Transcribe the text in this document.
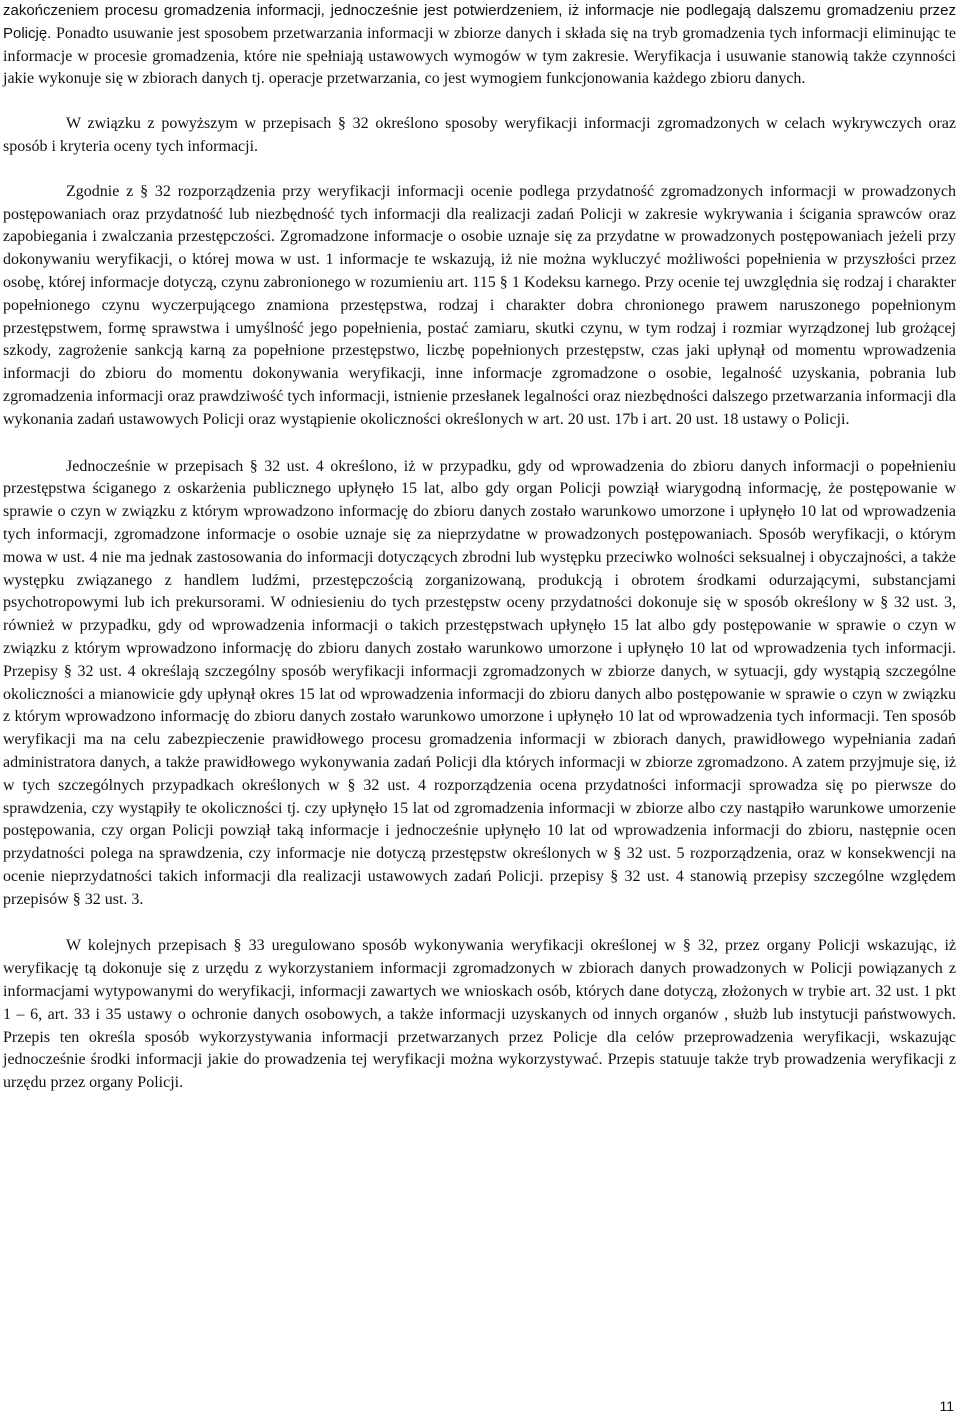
zakończeniem procesu gromadzenia informacji, jednocześnie jest potwierdzeniem, iż informacje nie podlegają dalszemu gromadzeniu przez Policję. Ponadto usuwanie jest sposobem przetwarzania informacji w zbiorze danych i składa się na tryb gromadzenia tych informacji eliminując te informacje w procesie gromadzenia, które nie spełniają ustawowych wymogów w tym zakresie. Weryfikacja i usuwanie stanowią także czynności jakie wykonuje się w zbiorach danych tj. operacje przetwarzania, co jest wymogiem funkcjonowania każdego zbioru danych.

W związku z powyższym w przepisach § 32 określono sposoby weryfikacji informacji zgromadzonych w celach wykrywczych oraz sposób i kryteria oceny tych informacji.

Zgodnie z § 32 rozporządzenia przy weryfikacji informacji ocenie podlega przydatność zgromadzonych informacji w prowadzonych postępowaniach oraz przydatność lub niezbędność tych informacji dla realizacji zadań Policji w zakresie wykrywania i ścigania sprawców oraz zapobiegania i zwalczania przestępczości. Zgromadzone informacje o osobie uznaje się za przydatne w prowadzonych postępowaniach jeżeli przy dokonywaniu weryfikacji, o której mowa w ust. 1 informacje te wskazują, iż nie można wykluczyć możliwości popełnienia w przyszłości przez osobę, której informacje dotyczą, czynu zabronionego w rozumieniu art. 115 § 1 Kodeksu karnego. Przy ocenie tej uwzględnia się rodzaj i charakter popełnionego czynu wyczerpującego znamiona przestępstwa, rodzaj i charakter dobra chronionego prawem naruszonego popełnionym przestępstwem, formę sprawstwa i umyślność jego popełnienia, postać zamiaru, skutki czynu, w tym rodzaj i rozmiar wyrządzonej lub grożącej szkody, zagrożenie sankcją karną za popełnione przestępstwo, liczbę popełnionych przestępstw, czas jaki upłynął od momentu wprowadzenia informacji do zbioru do momentu dokonywania weryfikacji, inne informacje zgromadzone o osobie, legalność uzyskania, pobrania lub zgromadzenia informacji oraz prawdziwość tych informacji, istnienie przesłanek legalności oraz niezbędności dalszego przetwarzania informacji dla wykonania zadań ustawowych Policji oraz wystąpienie okoliczności określonych w art. 20 ust. 17b i art. 20 ust. 18 ustawy o Policji.

Jednocześnie w przepisach § 32 ust. 4 określono, iż w przypadku, gdy od wprowadzenia do zbioru danych informacji o popełnieniu przestępstwa ściganego z oskarżenia publicznego upłynęło 15 lat, albo gdy organ Policji powziął wiarygodną informację, że postępowanie w sprawie o czyn w związku z którym wprowadzono informację do zbioru danych zostało warunkowo umorzone i upłynęło 10 lat od wprowadzenia tych informacji, zgromadzone informacje o osobie uznaje się za nieprzydatne w prowadzonych postępowaniach. Sposób weryfikacji, o którym mowa w ust. 4 nie ma jednak zastosowania do informacji dotyczących zbrodni lub występku przeciwko wolności seksualnej i obyczajności, a także występku związanego z handlem ludźmi, przestępczością zorganizowaną, produkcją i obrotem środkami odurzającymi, substancjami psychotropowymi lub ich prekursorami. W odniesieniu do tych przestępstw oceny przydatności dokonuje się w sposób określony w § 32 ust. 3, również w przypadku, gdy od wprowadzenia informacji o takich przestępstwach upłynęło 15 lat albo gdy postępowanie w sprawie o czyn w związku z którym wprowadzono informację do zbioru danych zostało warunkowo umorzone i upłynęło 10 lat od wprowadzenia tych informacji. Przepisy § 32 ust. 4 określają szczególny sposób weryfikacji informacji zgromadzonych w zbiorze danych, w sytuacji, gdy wystąpią szczególne okoliczności a mianowicie gdy upłynął okres 15 lat od wprowadzenia informacji do zbioru danych albo postępowanie w sprawie o czyn w związku z którym wprowadzono informację do zbioru danych zostało warunkowo umorzone i upłynęło 10 lat od wprowadzenia tych informacji. Ten sposób weryfikacji ma na celu zabezpieczenie prawidłowego procesu gromadzenia informacji w zbiorach danych, prawidłowego wypełniania zadań administratora danych, a także prawidłowego wykonywania zadań Policji dla których informacji w zbiorze zgromadzono. A zatem przyjmuje się, iż w tych szczególnych przypadkach określonych w § 32 ust. 4 rozporządzenia ocena przydatności informacji sprowadza się po pierwsze do sprawdzenia, czy wystąpiły te okoliczności tj. czy upłynęło 15 lat od zgromadzenia informacji w zbiorze albo czy nastąpiło warunkowe umorzenie postępowania, czy organ Policji powziął taką informacje i jednocześnie upłynęło 10 lat od wprowadzenia informacji do zbioru, następnie ocen przydatności polega na sprawdzenia, czy informacje nie dotyczą przestępstw określonych w § 32 ust. 5 rozporządzenia, oraz w konsekwencji na ocenie nieprzydatności takich informacji dla realizacji ustawowych zadań Policji. przepisy § 32 ust. 4 stanowią przepisy szczególne względem przepisów § 32 ust. 3.

W kolejnych przepisach § 33 uregulowano sposób wykonywania weryfikacji określonej w § 32, przez organy Policji wskazując, iż weryfikację tą dokonuje się z urzędu z wykorzystaniem informacji zgromadzonych w zbiorach danych prowadzonych w Policji powiązanych z informacjami wytypowanymi do weryfikacji, informacji zawartych we wnioskach osób, których dane dotyczą, złożonych w trybie art. 32 ust. 1 pkt 1 – 6, art. 33 i 35 ustawy o ochronie danych osobowych, a także informacji uzyskanych od innych organów , służb lub instytucji państwowych. Przepis ten określa sposób wykorzystywania informacji przetwarzanych przez Policje dla celów przeprowadzenia weryfikacji, wskazując jednocześnie środki informacji jakie do prowadzenia tej weryfikacji można wykorzystywać. Przepis statuuje także tryb prowadzenia weryfikacji z urzędu przez organy Policji.

11
